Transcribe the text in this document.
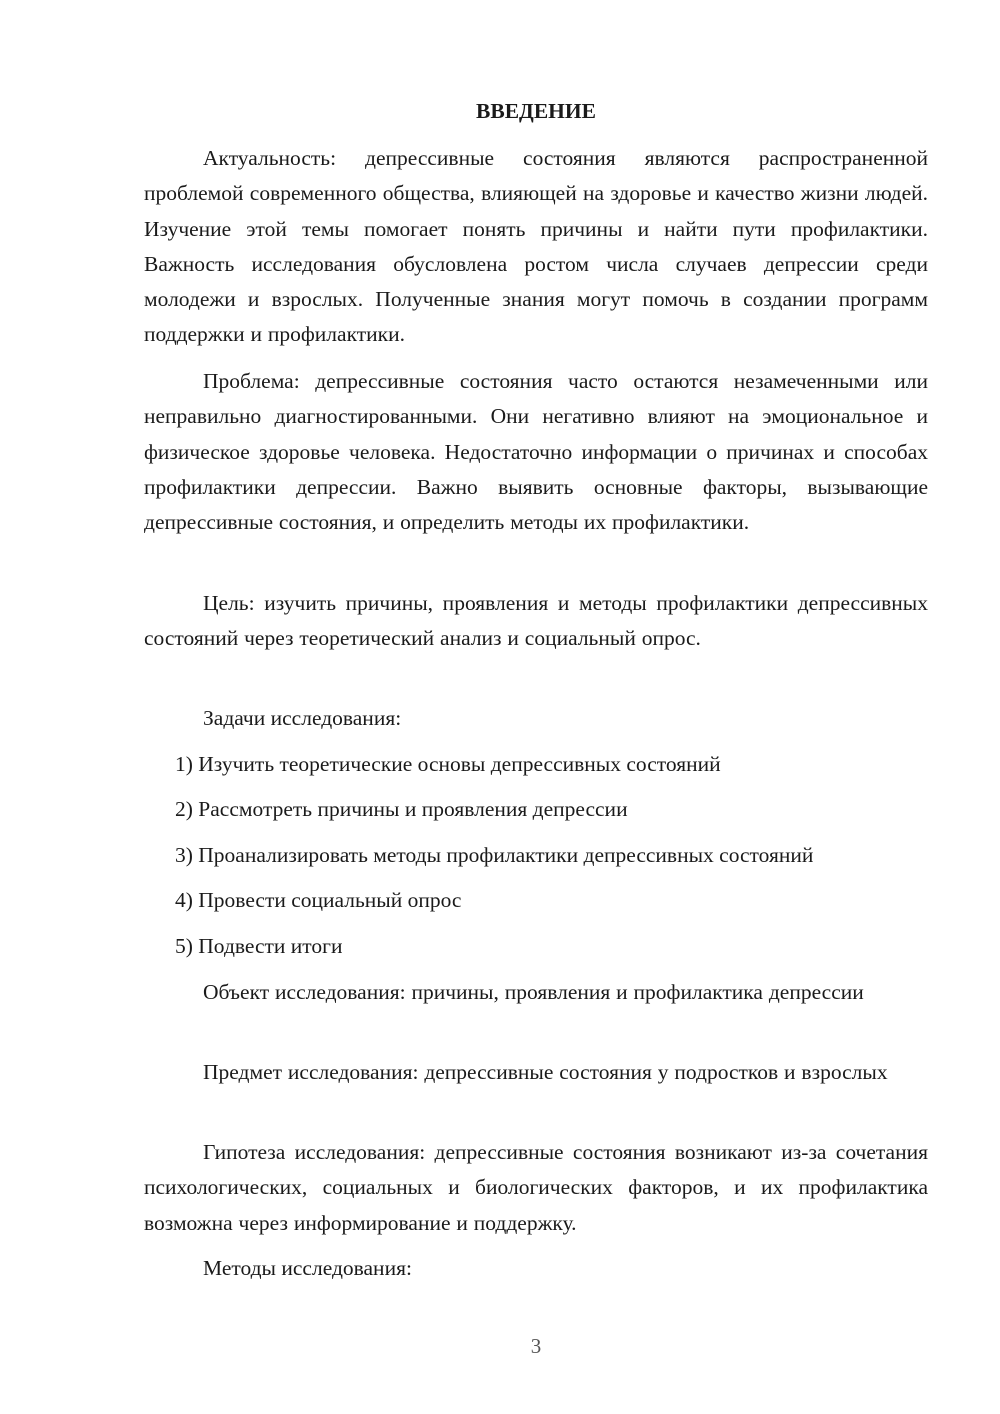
ВВЕДЕНИЕ

Актуальность: депрессивные состояния являются распространенной проблемой современного общества, влияющей на здоровье и качество жизни людей. Изучение этой темы помогает понять причины и найти пути профилактики. Важность исследования обусловлена ростом числа случаев депрессии среди молодежи и взрослых. Полученные знания могут помочь в создании программ поддержки и профилактики.

Проблема: депрессивные состояния часто остаются незамеченными или неправильно диагностированными. Они негативно влияют на эмоциональное и физическое здоровье человека. Недостаточно информации о причинах и способах профилактики депрессии. Важно выявить основные факторы, вызывающие депрессивные состояния, и определить методы их профилактики.

Цель: изучить причины, проявления и методы профилактики депрессивных состояний через теоретический анализ и социальный опрос.

Задачи исследования:

1) Изучить теоретические основы депрессивных состояний

2) Рассмотреть причины и проявления депрессии

3) Проанализировать методы профилактики депрессивных состояний

4) Провести социальный опрос

5) Подвести итоги

Объект исследования: причины, проявления и профилактика депрессии

Предмет исследования: депрессивные состояния у подростков и взрослых

Гипотеза исследования: депрессивные состояния возникают из-за сочетания психологических, социальных и биологических факторов, и их профилактика возможна через информирование и поддержку.

Методы исследования:

3
